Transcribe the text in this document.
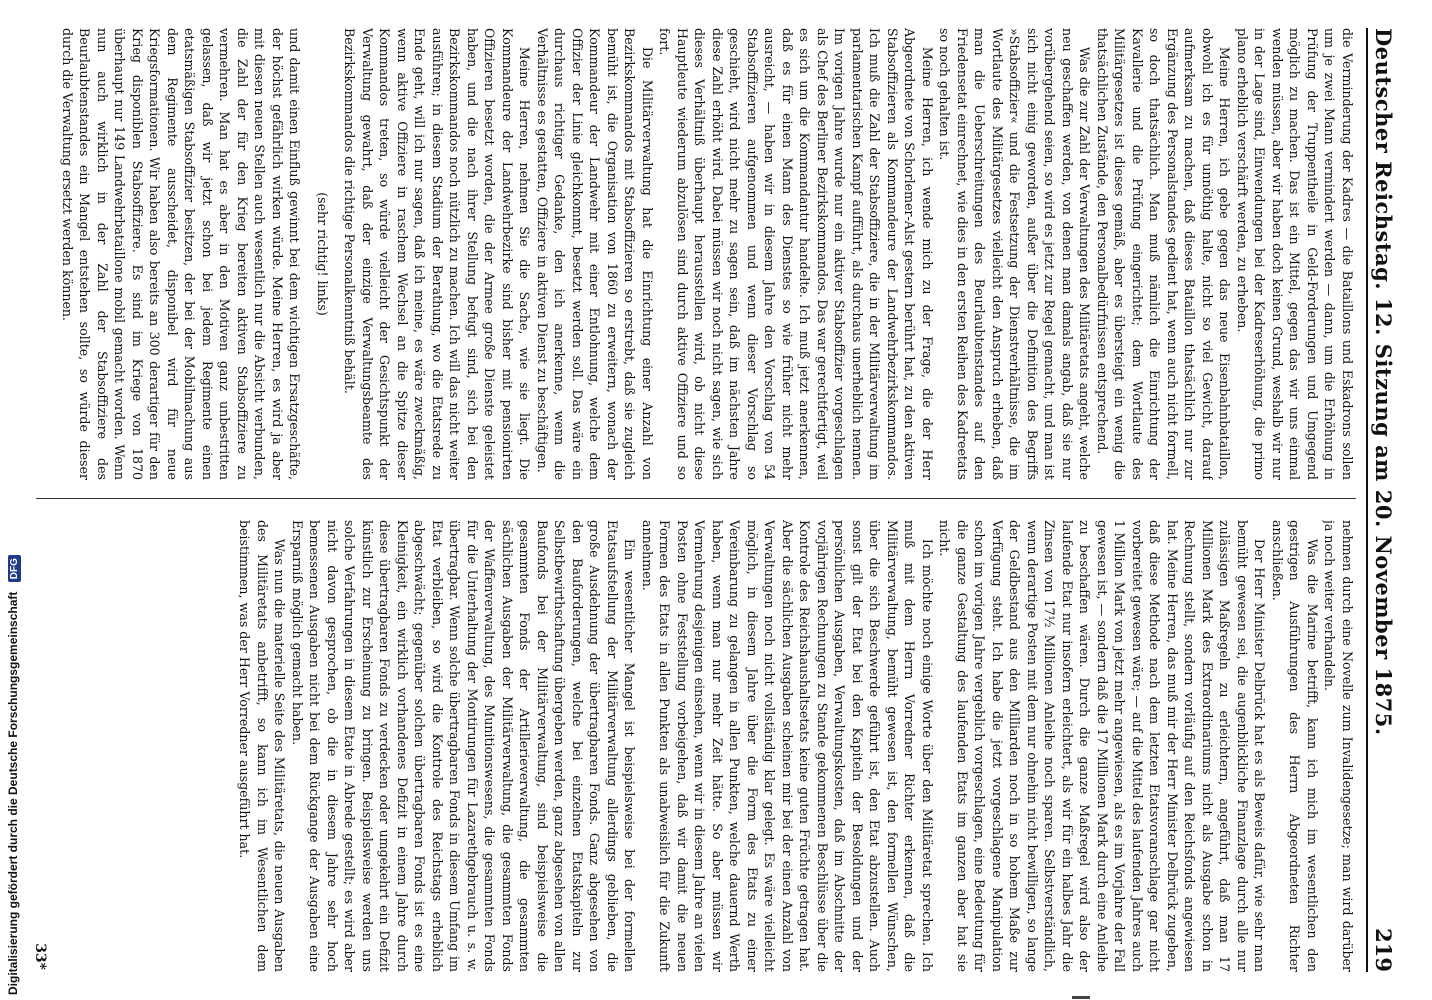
Deutscher Reichstag. 12. Sitzung am 20. November 1875.
219

die Verminderung der Kadres — die Bataillons und Eskadrons sollen um je zwei Mann vermindert werden — dann, um die Erhöhung in Prüfung der Truppentheile in Geld-Forderungen und Umgegend möglich zu machen. Das ist ein Mittel, gegen das wir uns einmal wenden müssen, aber wir haben doch keinen Grund, weshalb wir nur in der Lage sind, Einwendungen bei der Kadreserhöhung, die primo plano erheblich verschärft werden, zu erheben.

Meine Herren, ich gebe gegen das neue Eisenbahnbataillon, obwohl ich es für unnöthig halte, nicht so viel Gewicht, darauf aufmerksam zu machen, daß dieses Bataillon thatsächlich nur zur Ergänzung des Personalstandes gedient hat, wenn auch nicht formell, so doch thatsächlich. Man muß nämlich die Einrichtung der Kavallerie und die Prüfung eingerichtet; dem Wortlaute des Militärgesetzes ist dieses gemäß, aber es übersteigt ein wenig die thatsächlichen Zustände, den Personalbedürfnissen entsprechend.

Was die zur Zahl der Verwaltungen des Militäretats angeht, welche neu geschaffen werden, von denen man damals angab, daß sie nur vorübergehend seien, so wird es jetzt zur Regel gemacht, und man ist sich nicht einig geworden, außer über die Definition des Begriffs »Stabsoffizier« und die Festsetzung der Dienstverhältnisse, die im Wortlaute des Militärgesetzes vielleicht den Anspruch erheben, daß man die Ueberschreitungen des Beurlaubtenstandes auf den Friedensetat einrechnet, wie dies in den ersten Reihen des Kadreetats so noch gehalten ist.

Meine Herren, ich wende mich zu der Frage, die der Herr Abgeordnete von Schorlemer-Alst gestern berührt hat, zu den aktiven Stabsoffizieren als Kommandeure der Landwehrbezirkskommandos. Ich muß die Zahl der Stabsoffiziere, die in der Militärverwaltung im parlamentarischen Kampf aufführt, als durchaus unerheblich nennen. Im vorigen Jahre wurde nur ein aktiver Stabsoffizier vorgeschlagen als Chef des Berliner Bezirkskommandos. Das war gerechtfertigt, weil es sich um die Kommandantur handelte. Ich muß jetzt anerkennen, daß es für einen Mann des Dienstes so wie früher nicht mehr ausreicht, — haben wir in diesem Jahre den Vorschlag von 54 Stabsoffizieren aufgenommen und wenn dieser Vorschlag so geschieht, wird nicht mehr zu sagen sein, daß im nächsten Jahre diese Zahl erhöht wird. Dabei müssen wir noch nicht sagen, wie sich dieses Verhältniß überhaupt herausstellen wird, ob nicht diese Hauptleute wiederum abzulösen sind durch aktive Offiziere und so fort.

Die Militärverwaltung hat die Einrichtung einer Anzahl von Bezirkskommandos mit Stabsoffizieren so erstrebt, daß sie zugleich bemüht ist, die Organisation von 1860 zu erweitern, wonach der Kommandeur der Landwehr mit einer Entlohnung, welche dem Offizier der Linie gleichkommt, besetzt werden soll. Das wäre ein durchaus richtiger Gedanke, den ich anerkenne, wenn die Verhältnisse es gestatten, Offiziere in aktiven Dienst zu beschäftigen.

Meine Herren, nehmen Sie die Sache, wie sie liegt. Die Kommandeure der Landwehrbezirke sind bisher mit pensionirten Offizieren besetzt worden, die der Armee große Dienste geleistet haben, und die nach ihrer Stellung befugt sind, sich bei den Bezirkskommandos noch nützlich zu machen. Ich will das nicht weiter ausführen; in diesem Stadium der Berathung, wo die Etatsrede zu Ende geht, will ich nur sagen, daß ich meine, es wäre zweckmäßig, wenn aktive Offiziere in raschem Wechsel an die Spitze dieser Kommandos treten, so würde vielleicht der Gesichtspunkt der Verwaltung gewahrt, daß der einzige Verwaltungsbeamte des Bezirkskommandos die richtige Personalkenntniß behält.

(sehr richtig! links)

und damit einen Einfluß gewinnt bei dem wichtigen Ersatzgeschäfte, der höchst gefährlich wirken würde. Meine Herren, es wird ja aber mit diesen neuen Stellen auch wesentlich nur die Absicht verbunden, die Zahl der für den Krieg bereiten aktiven Stabsoffiziere zu vermehren. Man hat es aber in den Motiven ganz unbestritten gelassen, daß wir jetzt schon bei jedem Regimente einen etatsmäßigen Stabsoffizier besitzen, der bei der Mobilmachung aus dem Regimente ausscheidet, disponibel wird für neue Kriegsformationen. Wir haben also bereits an 300 derartiger für den Krieg disponiblen Stabsoffiziere. Es sind im Kriege von 1870 überhaupt nur 149 Landwehrbataillone mobil gemacht worden. Wenn nun auch wirklich in der Zahl der Stabsoffiziere des Beurlaubtenstandes ein Mangel entstehen sollte, so würde dieser durch die Verwaltung ersetzt werden können.

nehmen durch eine Novelle zum Invalidengesetze; man wird darüber ja noch weiter verhandeln.

Was die Marine betrifft, kann ich mich im wesentlichen den gestrigen Ausführungen des Herrn Abgeordneten Richter anschließen.

Der Herr Minister Delbrück hat es als Beweis dafür, wie sehr man bemüht gewesen sei, die augenblickliche Finanzlage durch alle nur zulässigen Maßregeln zu erleichtern, angeführt, daß man 17 Millionen Mark des Extraordinariums nicht als Ausgabe schon in Rechnung stellt, sondern vorläufig auf den Reichsfonds angewiesen hat. Meine Herren, das muß mir der Herr Minister Delbrück zugeben, daß diese Methode nach dem letzten Etatsvoranschlage gar nicht vorbereitet gewesen wäre; — auf die Mittel des laufenden Jahres auch 1 Million Mark von jetzt mehr angewiesen, als es im Vorjahre der Fall gewesen ist, — sondern daß die 17 Millionen Mark durch eine Anleihe zu beschaffen wären. Durch die ganze Maßregel wird also der laufende Etat nur insofern erleichtert, als wir für ein halbes Jahr die Zinsen von 17½ Millionen Anleihe noch sparen. Selbstverständlich, wenn derartige Posten mit dem nur ohnehin nicht bewilligen, so lange der Geldbestand aus den Milliarden noch in so hohem Maße zur Verfügung steht. Ich habe die jetzt vorgeschlagene Manipulation schon im vorigen Jahre vergeblich vorgeschlagen, eine Bedeutung für die ganze Gestaltung des laufenden Etats im ganzen aber hat sie nicht.

Ich möchte noch einige Worte über den Militäretat sprechen. Ich muß mit dem Herrn Vorredner Richter erkennen, daß die Militärverwaltung, bemüht gewesen ist, den formellen Wünschen, über die sich Beschwerde geführt ist, den Etat abzustellen. Auch sonst gilt der Etat bei den Kapiteln der Besoldungen und der persönlichen Ausgaben, Verwaltungskosten, daß im Abschnitte der vorjährigen Rechnungen zu Stande gekommenen Beschlüsse über die Kontrole des Reichshaushaltsetats keine guten Früchte getragen hat. Aber die sächlichen Ausgaben scheinen mir bei der einen Anzahl von Verwaltungen noch nicht vollständig klar gelegt. Es wäre vielleicht möglich, in diesem Jahre über die Form des Etats zu einer Vereinbarung zu gelangen in allen Punkten, welche dauernd Werth haben, wenn man nur mehr Zeit hätte. So aber müssen wir Vermehrung desjenigen einsehen, wenn wir in diesem Jahre an vielen Posten ohne Feststellung vorbeigehen, daß wir damit die neuen Formen des Etats in allen Punkten als unabweislich für die Zukunft annehmen.

Ein wesentlicher Mangel ist beispielsweise bei der formellen Etatsaufstellung der Militärverwaltung allerdings geblieben, die große Ausdehnung der übertragbaren Fonds. Ganz abgesehen von den Bauforderungen, welche bei einzelnen Etatskapiteln zur Selbstbewirthschaftung übergeben werden, ganz abgesehen von allen Baufonds bei der Militärverwaltung, sind beispielsweise die gesammten Fonds der Artillerieverwaltung, die gesammten sächlichen Ausgaben der Militärverwaltung, die gesammten Fonds der Waffenverwaltung, des Munitionswesens, die gesammten Fonds für die Unterhaltung der Montirungen für Lazarethgebrauch u. s. w. übertragbar. Wenn solche übertragbaren Fonds in diesem Umfang im Etat verbleiben, so wird die Kontrole des Reichstags erheblich abgeschwächt; gegenüber solchen übertragbaren Fonds ist es eine Kleinigkeit, ein wirklich vorhandenes Defizit in einem Jahre durch diese übertragbaren Fonds zu verdecken oder umgekehrt ein Defizit künstlich zur Erscheinung zu bringen. Beispielsweise werden uns solche Verfahrungen in diesem Etate in Abrede gestellt; es wird aber nicht davon gesprochen, ob die in diesem Jahre sehr hoch bemessenen Ausgaben nicht bei dem Rückgange der Ausgaben eine Ersparniß möglich gemacht haben.

Was nun die materielle Seite des Militäretats, die neuen Ausgaben des Militäretats anbetrifft, so kann ich im Wesentlichen dem beistimmen, was der Herr Vorredner ausgeführt hat.

33*
Digitalisierung gefördert durch die Deutsche Forschungsgemeinschaft DFG
